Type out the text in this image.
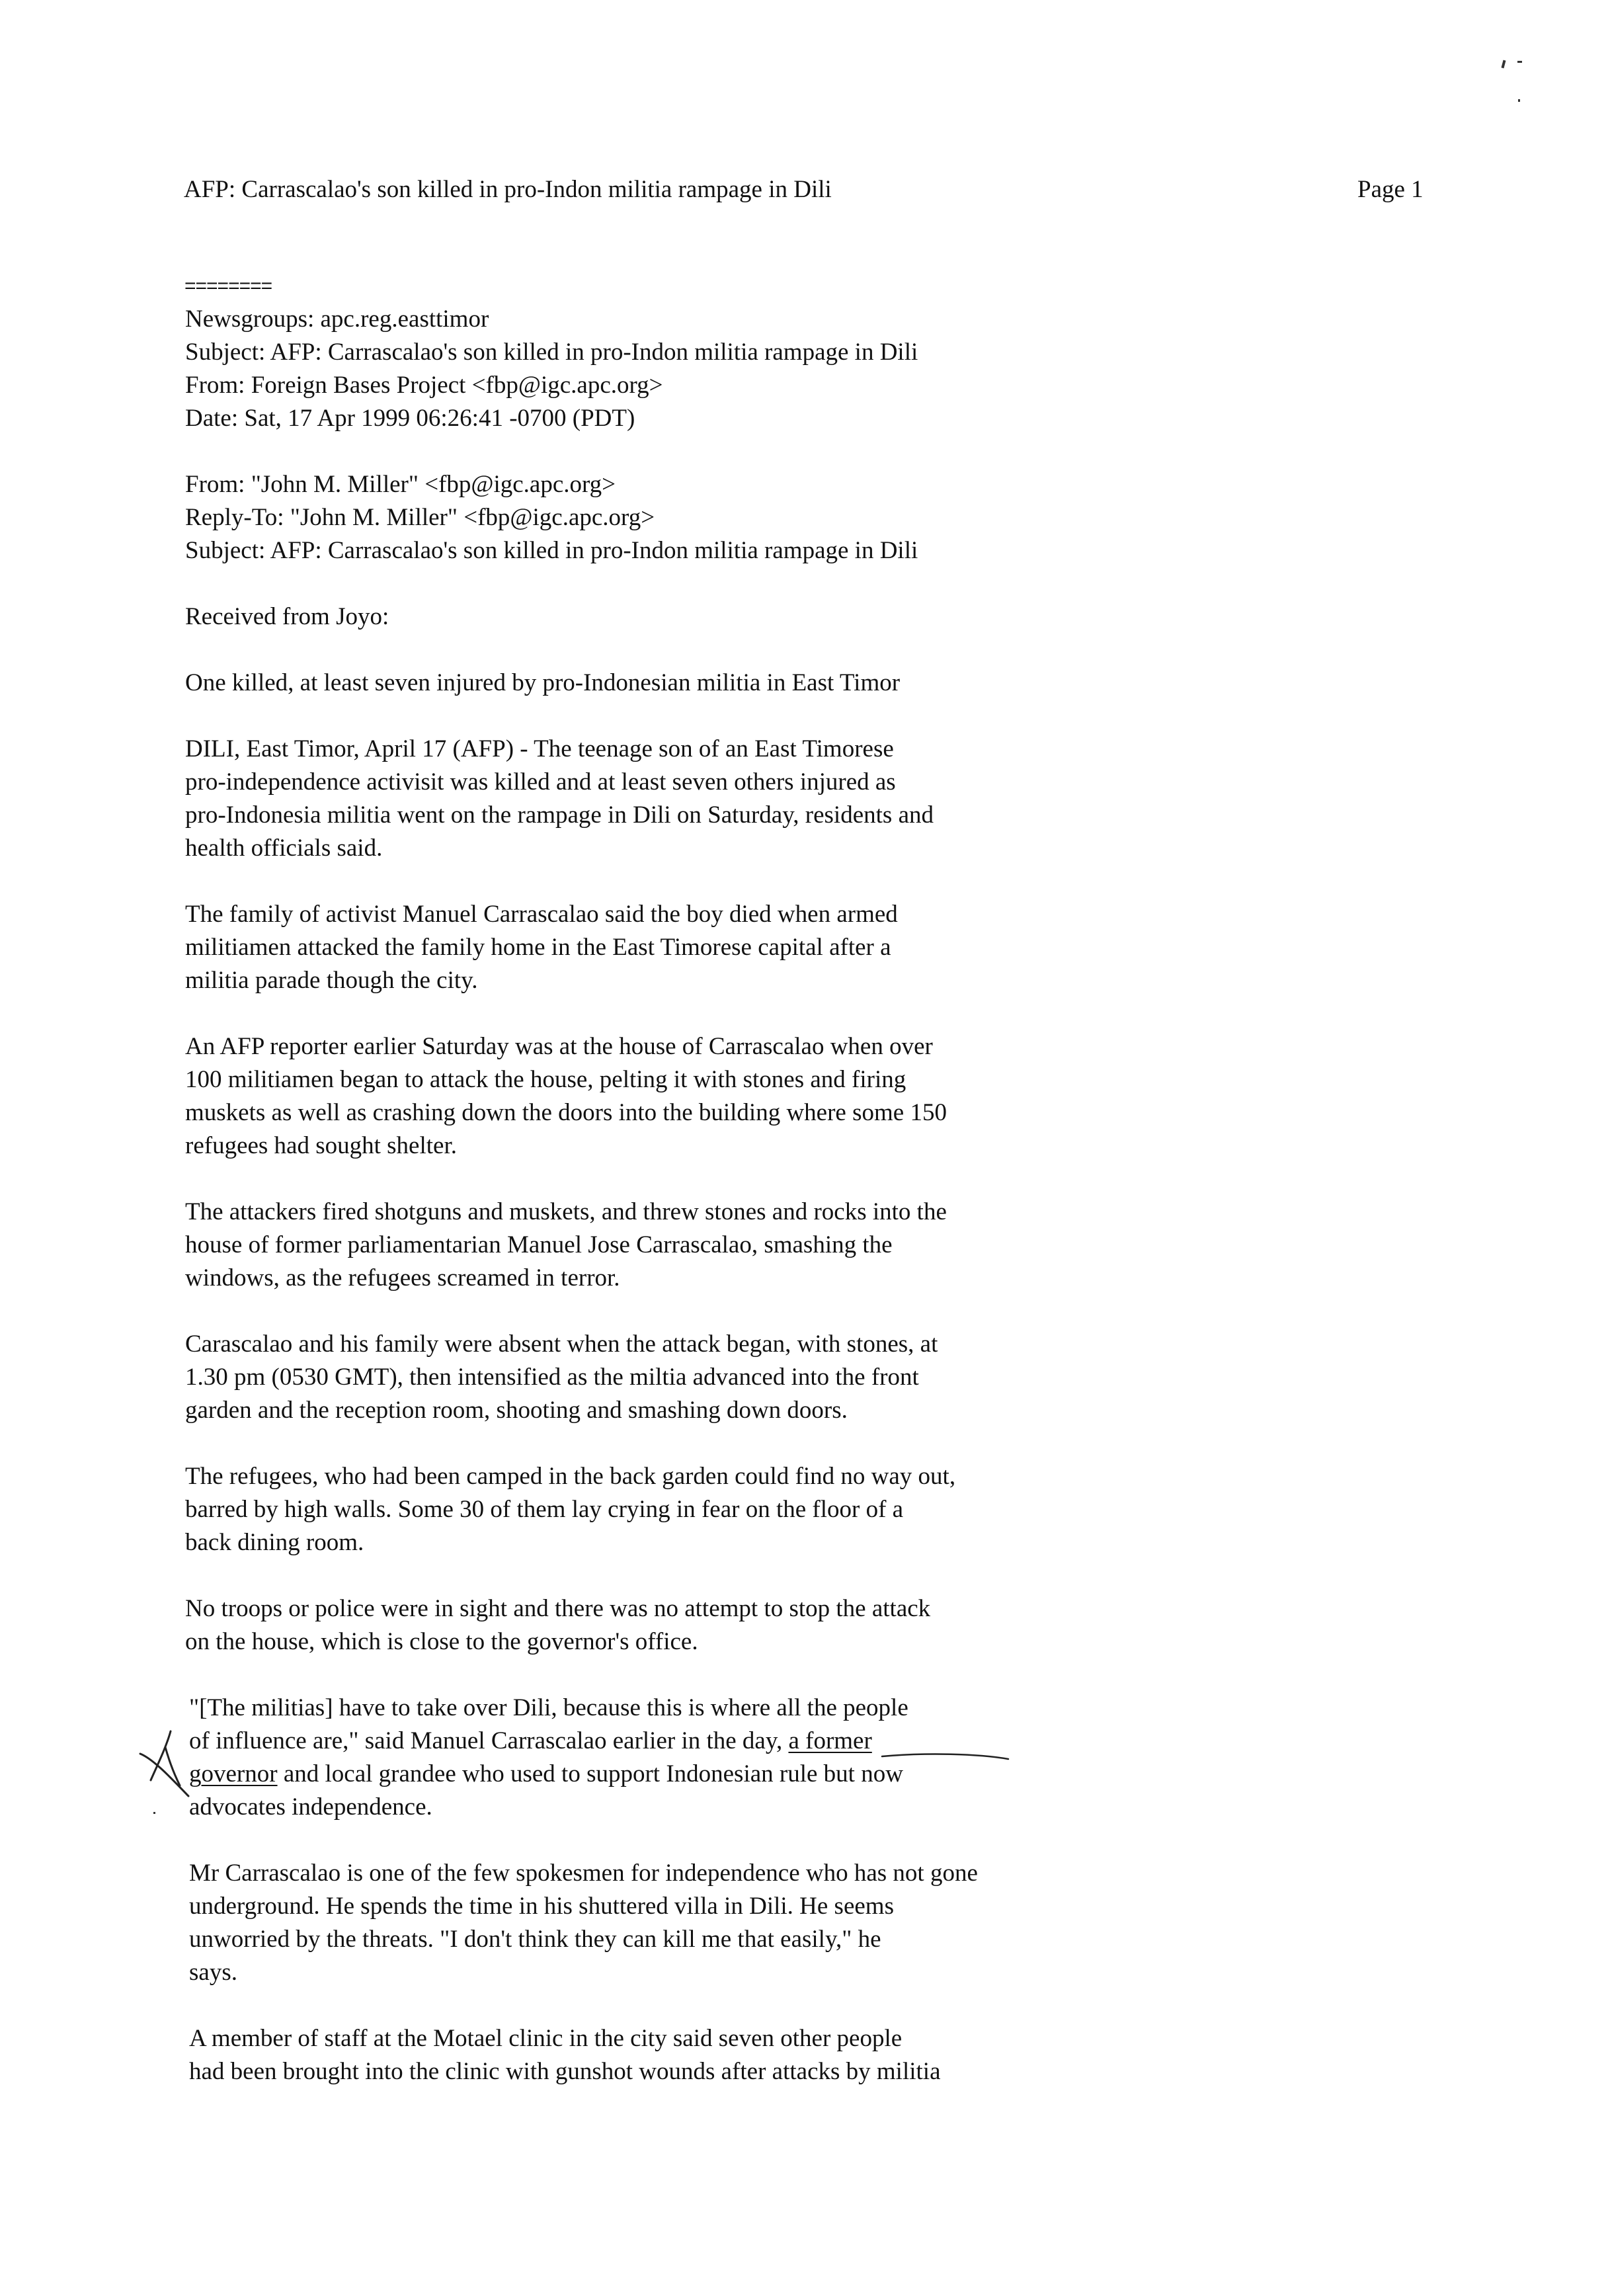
AFP: Carrascalao's son killed in pro-Indon militia rampage in Dili	Page 1
========
Newsgroups: apc.reg.easttimor
Subject: AFP: Carrascalao's son killed in pro-Indon militia rampage in Dili
From: Foreign Bases Project <fbp@igc.apc.org>
Date: Sat, 17 Apr 1999 06:26:41 -0700 (PDT)
From: "John M. Miller" <fbp@igc.apc.org>
Reply-To: "John M. Miller" <fbp@igc.apc.org>
Subject: AFP: Carrascalao's son killed in pro-Indon militia rampage in Dili
Received from Joyo:
One killed, at least seven injured by pro-Indonesian militia in East Timor
DILI, East Timor, April 17 (AFP) - The teenage son of an East Timorese
pro-independence activisit was killed and at least seven others injured as
pro-Indonesia militia went on the rampage in Dili on Saturday, residents and
health officials said.
The family of activist Manuel Carrascalao said the boy died when armed
militiamen attacked the family home in the East Timorese capital after a
militia parade though the city.
An AFP reporter earlier Saturday was at the house of Carrascalao when over
100 militiamen began to attack the house, pelting it with stones and firing
muskets as well as crashing down the doors into the building where some 150
refugees had sought shelter.
The attackers fired shotguns and muskets, and threw stones and rocks into the
house of former parliamentarian Manuel Jose Carrascalao, smashing the
windows, as the refugees screamed in terror.
Carascalao and his family were absent when the attack began, with stones, at
1.30 pm (0530 GMT), then intensified as the miltia advanced into the front
garden and the reception room, shooting and smashing down doors.
The refugees, who had been camped in the back garden could find no way out,
barred by high walls. Some 30 of them lay crying in fear on the floor of a
back dining room.
No troops or police were in sight and there was no attempt to stop the attack
on the house, which is close to the governor's office.
"[The militias] have to take over Dili, because this is where all the people
of influence are," said Manuel Carrascalao earlier in the day, a former
governor and local grandee who used to support Indonesian rule but now
advocates independence.
Mr Carrascalao is one of the few spokesmen for independence who has not gone
underground. He spends the time in his shuttered villa in Dili. He seems
unworried by the threats. "I don't think they can kill me that easily," he
says.
A member of staff at the Motael clinic in the city said seven other people
had been brought into the clinic with gunshot wounds after attacks by militia
